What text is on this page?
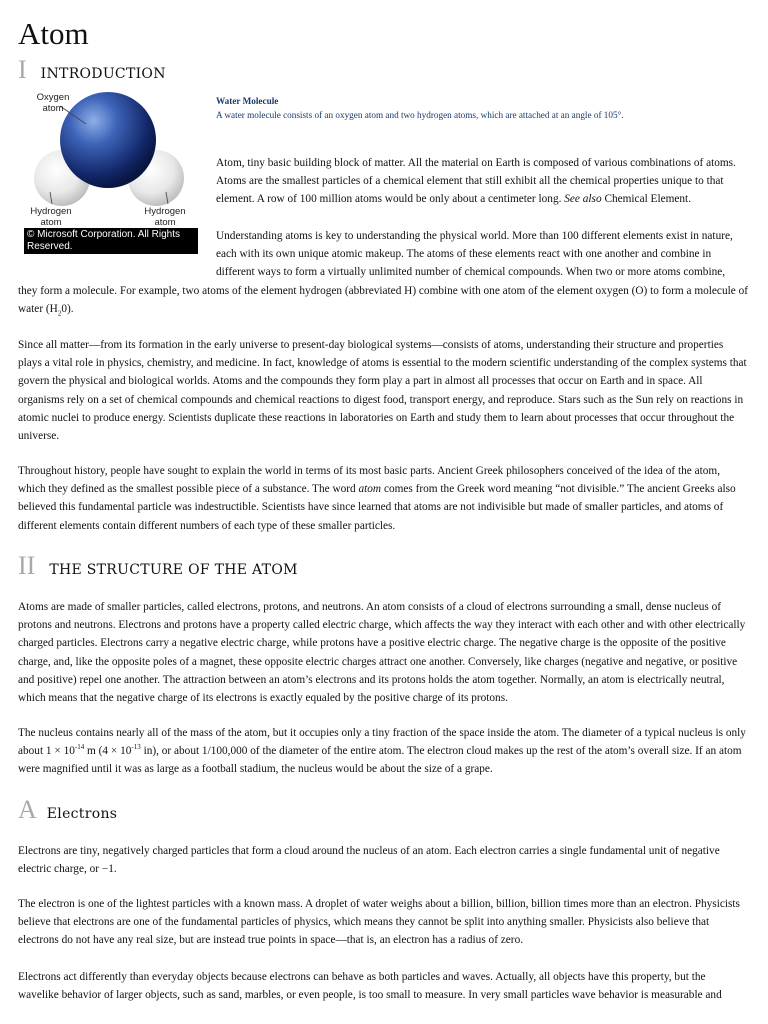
Atom
I INTRODUCTION
Oxygen atom
Hydrogen atom
Hydrogen atom
© Microsoft Corporation. All Rights Reserved.
Water Molecule
A water molecule consists of an oxygen atom and two hydrogen atoms, which are attached at an angle of 105°.

Atom, tiny basic building block of matter. All the material on Earth is composed of various combinations of atoms. Atoms are the smallest particles of a chemical element that still exhibit all the chemical properties unique to that element. A row of 100 million atoms would be only about a centimeter long. See also Chemical Element.

Understanding atoms is key to understanding the physical world. More than 100 different elements exist in nature, each with its own unique atomic makeup. The atoms of these elements react with one another and combine in different ways to form a virtually unlimited number of chemical compounds. When two or more atoms combine,

they form a molecule. For example, two atoms of the element hydrogen (abbreviated H) combine with one atom of the element oxygen (O) to form a molecule of water $(H_20)$.

Since all matter—from its formation in the early universe to present-day biological systems—consists of atoms, understanding their structure and properties plays a vital role in physics, chemistry, and medicine. In fact, knowledge of atoms is essential to the modern scientific understanding of the complex systems that govern the physical and biological worlds. Atoms and the compounds they form play a part in almost all processes that occur on Earth and in space. All organisms rely on a set of chemical compounds and chemical reactions to digest food, transport energy, and reproduce. Stars such as the Sun rely on reactions in atomic nuclei to produce energy. Scientists duplicate these reactions in laboratories on Earth and study them to learn about processes that occur throughout the universe.

Throughout history, people have sought to explain the world in terms of its most basic parts. Ancient Greek philosophers conceived of the idea of the atom, which they defined as the smallest possible piece of a substance. The word atom comes from the Greek word meaning “not divisible.” The ancient Greeks also believed this fundamental particle was indestructible. Scientists have since learned that atoms are not indivisible but made of smaller particles, and atoms of different elements contain different numbers of each type of these smaller particles.

II THE STRUCTURE OF THE ATOM

Atoms are made of smaller particles, called electrons, protons, and neutrons. An atom consists of a cloud of electrons surrounding a small, dense nucleus of protons and neutrons. Electrons and protons have a property called electric charge, which affects the way they interact with each other and with other electrically charged particles. Electrons carry a negative electric charge, while protons have a positive electric charge. The negative charge is the opposite of the positive charge, and, like the opposite poles of a magnet, these opposite electric charges attract one another. Conversely, like charges (negative and negative, or positive and positive) repel one another. The attraction between an atom’s electrons and its protons holds the atom together. Normally, an atom is electrically neutral, which means that the negative charge of its electrons is exactly equaled by the positive charge of its protons.

The nucleus contains nearly all of the mass of the atom, but it occupies only a tiny fraction of the space inside the atom. The diameter of a typical nucleus is only about $1 \times 10^{-14}$ m ($4 \times 10^{-13}$ in), or about 1/100,000 of the diameter of the entire atom. The electron cloud makes up the rest of the atom’s overall size. If an atom were magnified until it was as large as a football stadium, the nucleus would be about the size of a grape.

A Electrons

Electrons are tiny, negatively charged particles that form a cloud around the nucleus of an atom. Each electron carries a single fundamental unit of negative electric charge, or −1.

The electron is one of the lightest particles with a known mass. A droplet of water weighs about a billion, billion, billion times more than an electron. Physicists believe that electrons are one of the fundamental particles of physics, which means they cannot be split into anything smaller. Physicists also believe that electrons do not have any real size, but are instead true points in space—that is, an electron has a radius of zero.

Electrons act differently than everyday objects because electrons can behave as both particles and waves. Actually, all objects have this property, but the wavelike behavior of larger objects, such as sand, marbles, or even people, is too small to measure. In very small particles wave behavior is measurable and
